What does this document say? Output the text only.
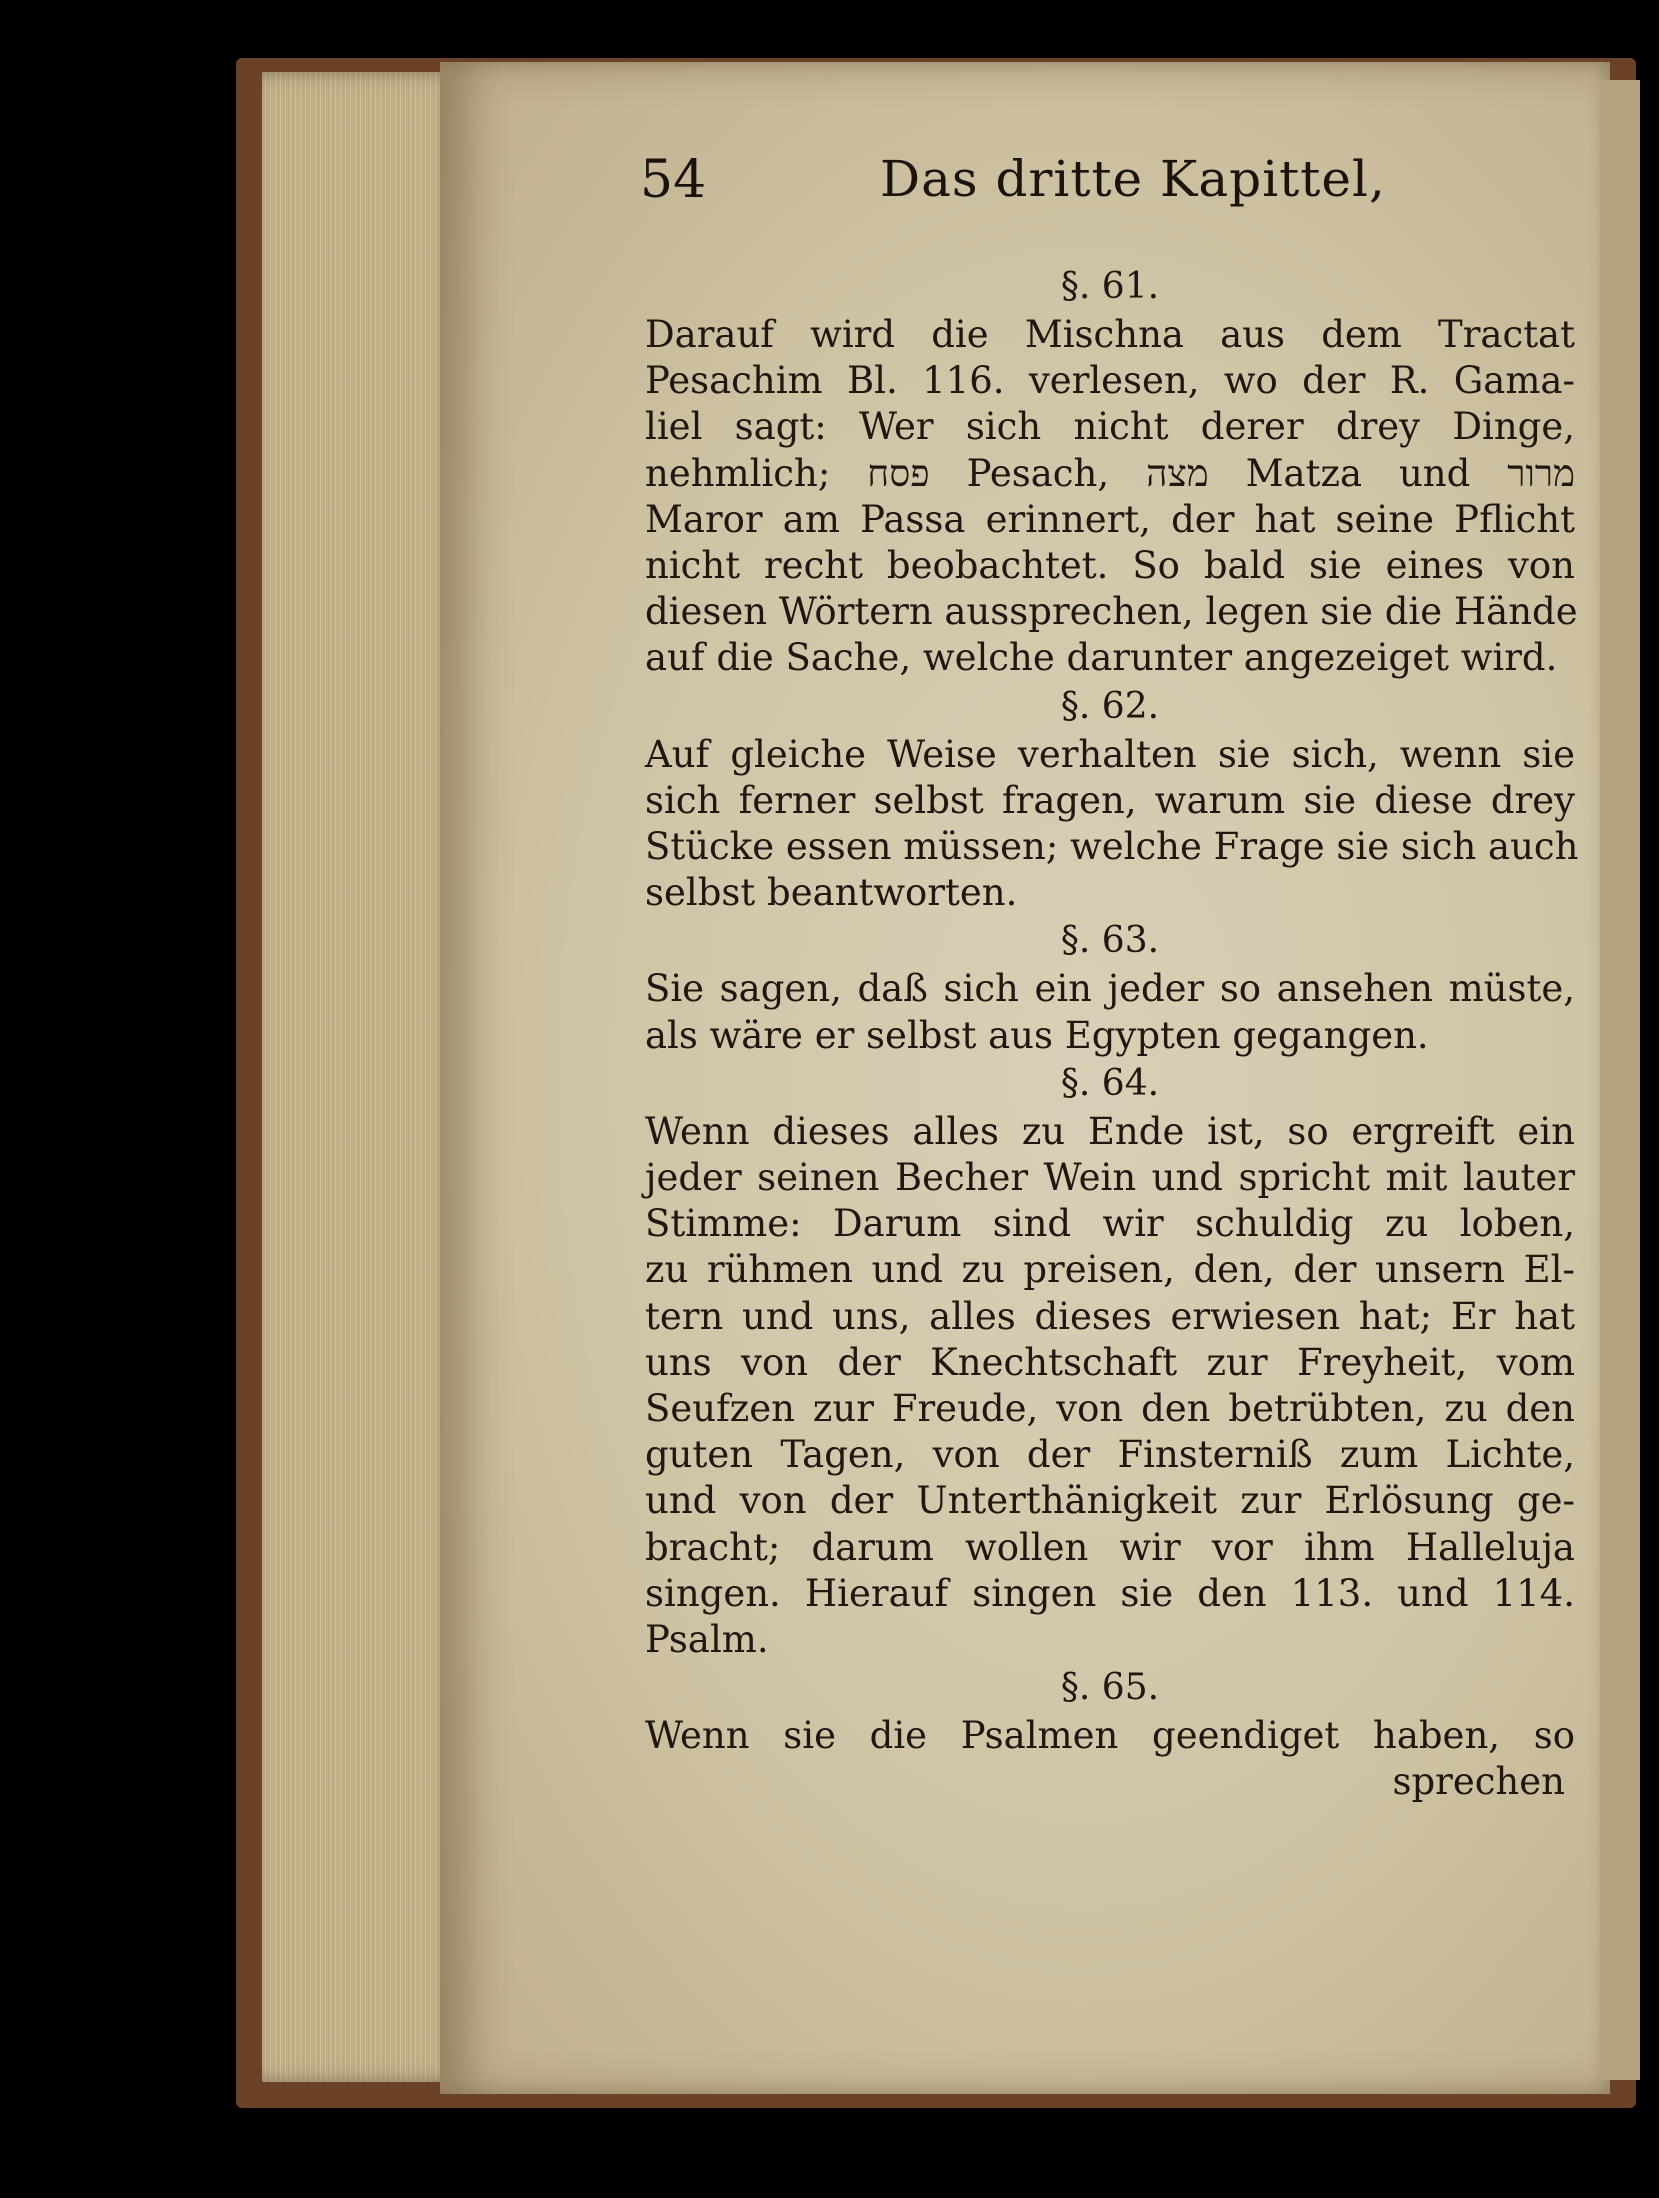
54	Das dritte Kapittel,
§. 61.
Darauf wird die Mischna aus dem Tractat
Pesachim Bl. 116. verlesen, wo der R. Gama-
liel sagt: Wer sich nicht derer drey Dinge,
nehmlich; פסח Pesach, מצה Matza und מרור
Maror am Passa erinnert, der hat seine Pflicht
nicht recht beobachtet. So bald sie eines von
diesen Wörtern aussprechen, legen sie die Hände
auf die Sache, welche darunter angezeiget wird.
§. 62.
Auf gleiche Weise verhalten sie sich, wenn sie
sich ferner selbst fragen, warum sie diese drey
Stücke essen müssen; welche Frage sie sich auch
selbst beantworten.
§. 63.
Sie sagen, daß sich ein jeder so ansehen müste,
als wäre er selbst aus Egypten gegangen.
§. 64.
Wenn dieses alles zu Ende ist, so ergreift ein
jeder seinen Becher Wein und spricht mit lauter
Stimme: Darum sind wir schuldig zu loben,
zu rühmen und zu preisen, den, der unsern El-
tern und uns, alles dieses erwiesen hat; Er hat
uns von der Knechtschaft zur Freyheit, vom
Seufzen zur Freude, von den betrübten, zu den
guten Tagen, von der Finsterniß zum Lichte,
und von der Unterthänigkeit zur Erlösung ge-
bracht; darum wollen wir vor ihm Halleluja
singen. Hierauf singen sie den 113. und 114.
Psalm.
§. 65.
Wenn sie die Psalmen geendiget haben, so
sprechen
